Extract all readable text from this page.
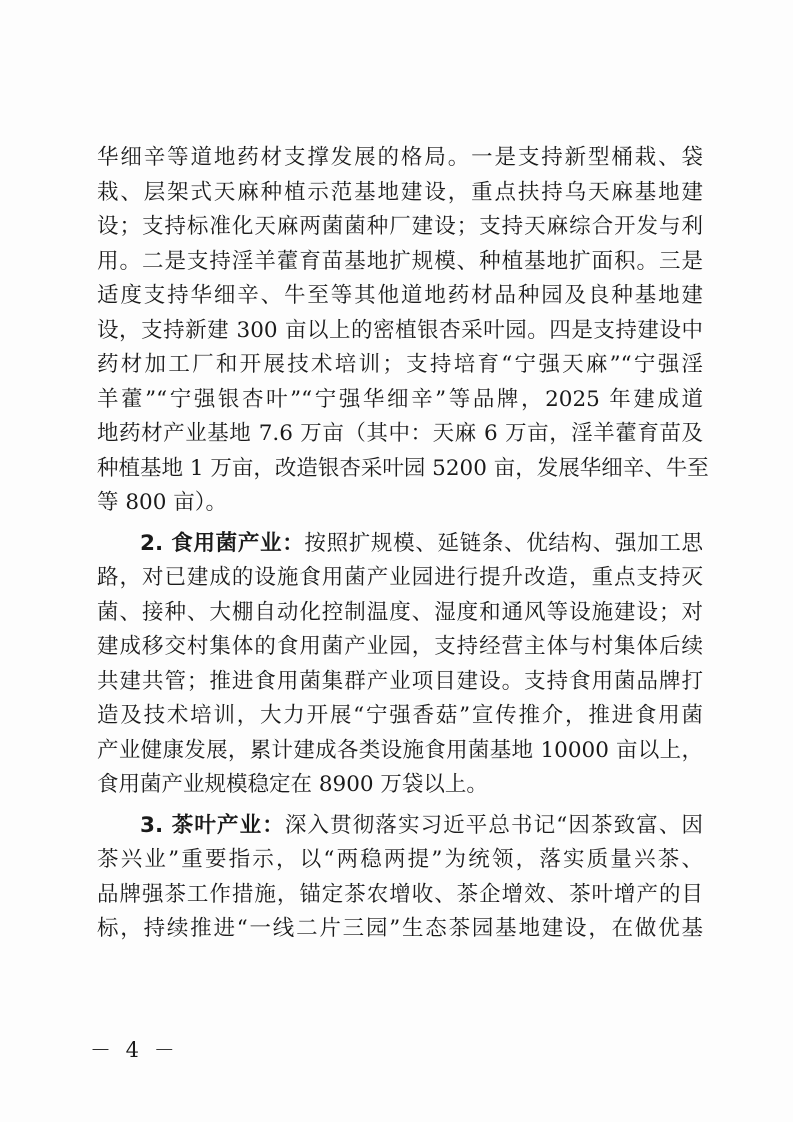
华细辛等道地药材支撑发展的格局。一是支持新型桶栽、袋
栽、层架式天麻种植示范基地建设，重点扶持乌天麻基地建
设；支持标准化天麻两菌菌种厂建设；支持天麻综合开发与利
用。二是支持淫羊藿育苗基地扩规模、种植基地扩面积。三是
适度支持华细辛、牛至等其他道地药材品种园及良种基地建
设，支持新建 300 亩以上的密植银杏采叶园。四是支持建设中
药材加工厂和开展技术培训；支持培育“宁强天麻”“宁强淫
羊藿”“宁强银杏叶”“宁强华细辛”等品牌，2025 年建成道
地药材产业基地 7.6 万亩（其中：天麻 6 万亩，淫羊藿育苗及
种植基地 1 万亩，改造银杏采叶园 5200 亩，发展华细辛、牛至
等 800 亩）。
2. 食用菌产业：按照扩规模、延链条、优结构、强加工思
路，对已建成的设施食用菌产业园进行提升改造，重点支持灭
菌、接种、大棚自动化控制温度、湿度和通风等设施建设；对
建成移交村集体的食用菌产业园，支持经营主体与村集体后续
共建共管；推进食用菌集群产业项目建设。支持食用菌品牌打
造及技术培训，大力开展“宁强香菇”宣传推介，推进食用菌
产业健康发展，累计建成各类设施食用菌基地 10000 亩以上，
食用菌产业规模稳定在 8900 万袋以上。
3. 茶叶产业：深入贯彻落实习近平总书记“因茶致富、因
茶兴业”重要指示，以“两稳两提”为统领，落实质量兴茶、
品牌强茶工作措施，锚定茶农增收、茶企增效、茶叶增产的目
标，持续推进“一线二片三园”生态茶园基地建设，在做优基
－ 4 －
